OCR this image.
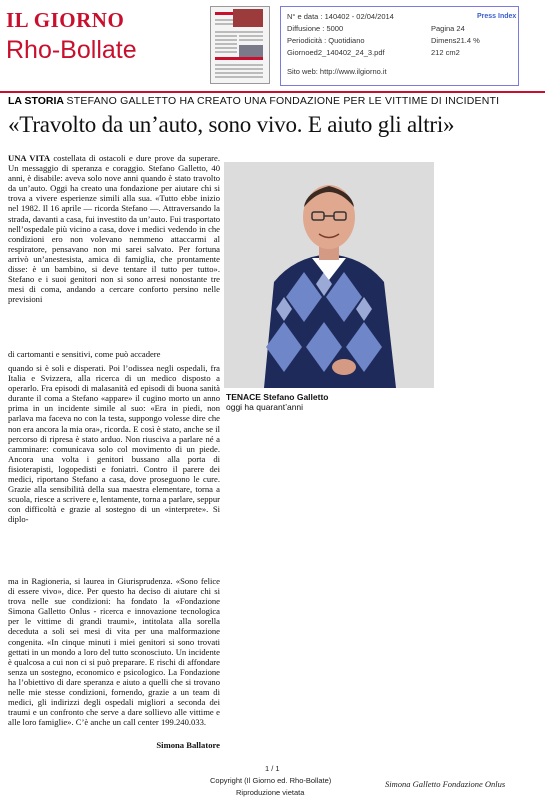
IL GIORNO
Rho-Bollate
N° e data : 140402 - 02/04/2014
Diffusione : 5000
Periodicità : Quotidiano
Giornoed2_140402_24_3.pdf
Sito web: http://www.ilgiorno.it
Press Index
Pagina 24
Dimens21.4 %
212 cm2
LA STORIA STEFANO GALLETTO HA CREATO UNA FONDAZIONE PER LE VITTIME DI INCIDENTI
«Travolto da un’auto, sono vivo. E aiuto gli altri»

UNA VITA costellata di ostacoli e dure prove da superare. Un messaggio di speranza e coraggio. Stefano Galletto, 40 anni, è disabile: aveva solo nove anni quando è stato travolto da un’auto. Oggi ha creato una fondazione per aiutare chi si trova a vivere esperienze simili alla sua. «Tutto ebbe inizio nel 1982. Il 16 aprile — ricorda Stefano —. Attraversando la strada, davanti a casa, fui investito da un’auto. Fui trasportato nell’ospedale più vicino a casa, dove i medici vedendo in che condizioni ero non volevano nemmeno attaccarmi al respiratore, pensavano non mi sarei salvato. Per fortuna arrivò un’anestesista, amica di famiglia, che prontamente disse: è un bambino, si deve tentare il tutto per tutto». Stefano e i suoi genitori non si sono arresi nonostante tre mesi di coma, andando a cercare conforto persino nelle previsioni

di cartomanti e sensitivi, come può accadere

quando si è soli e disperati. Poi l’odissea negli ospedali, fra Italia e Svizzera, alla ricerca di un medico disposto a operarlo. Fra episodi di malasanità ed episodi di buona sanità durante il coma a Stefano «appare» il cugino morto un anno prima in un incidente simile al suo: «Era in piedi, non parlava ma faceva no con la testa, suppongo volesse dire che non era ancora la mia ora», ricorda. E così è stato, anche se il percorso di ripresa è stato arduo. Non riusciva a parlare né a camminare: comunicava solo col movimento di un piede. Ancora una volta i genitori bussano alla porta di fisioterapisti, logopedisti e foniatri. Contro il parere dei medici, riportano Stefano a casa, dove proseguono le cure. Grazie alla sensibilità della sua maestra elementare, torna a scuola, riesce a scrivere e, lentamente, torna a parlare, seppur con difficoltà e grazie al sostegno di un «interprete». Si diplo-

ma in Ragioneria, si laurea in Giurisprudenza. «Sono felice di essere vivo», dice. Per questo ha deciso di aiutare chi si trova nelle sue condizioni: ha fondato la «Fondazione Simona Galletto Onlus - ricerca e innovazione tecnologica per le vittime di grandi traumi», intitolata alla sorella deceduta a soli sei mesi di vita per una malformazione congenita. «In cinque minuti i miei genitori si sono trovati gettati in un mondo a loro del tutto sconosciuto. Un incidente è qualcosa a cui non ci si può preparare. E rischi di affondare senza un sostegno, economico e psicologico. La Fondazione ha l’obiettivo di dare speranza e aiuto a quelli che si trovano nelle mie stesse condizioni, fornendo, grazie a un team di medici, gli indirizzi degli ospedali migliori a seconda dei traumi e un confronto che serve a dare sollievo alle vittime e alle loro famiglie». C’è anche un call center 199.240.033.

Simona Ballatore
TENACE Stefano Galletto
oggi ha quarant’anni
1 / 1
Copyright (Il Giorno ed. Rho-Bollate)
Riproduzione vietata
Simona Galletto Fondazione Onlus
